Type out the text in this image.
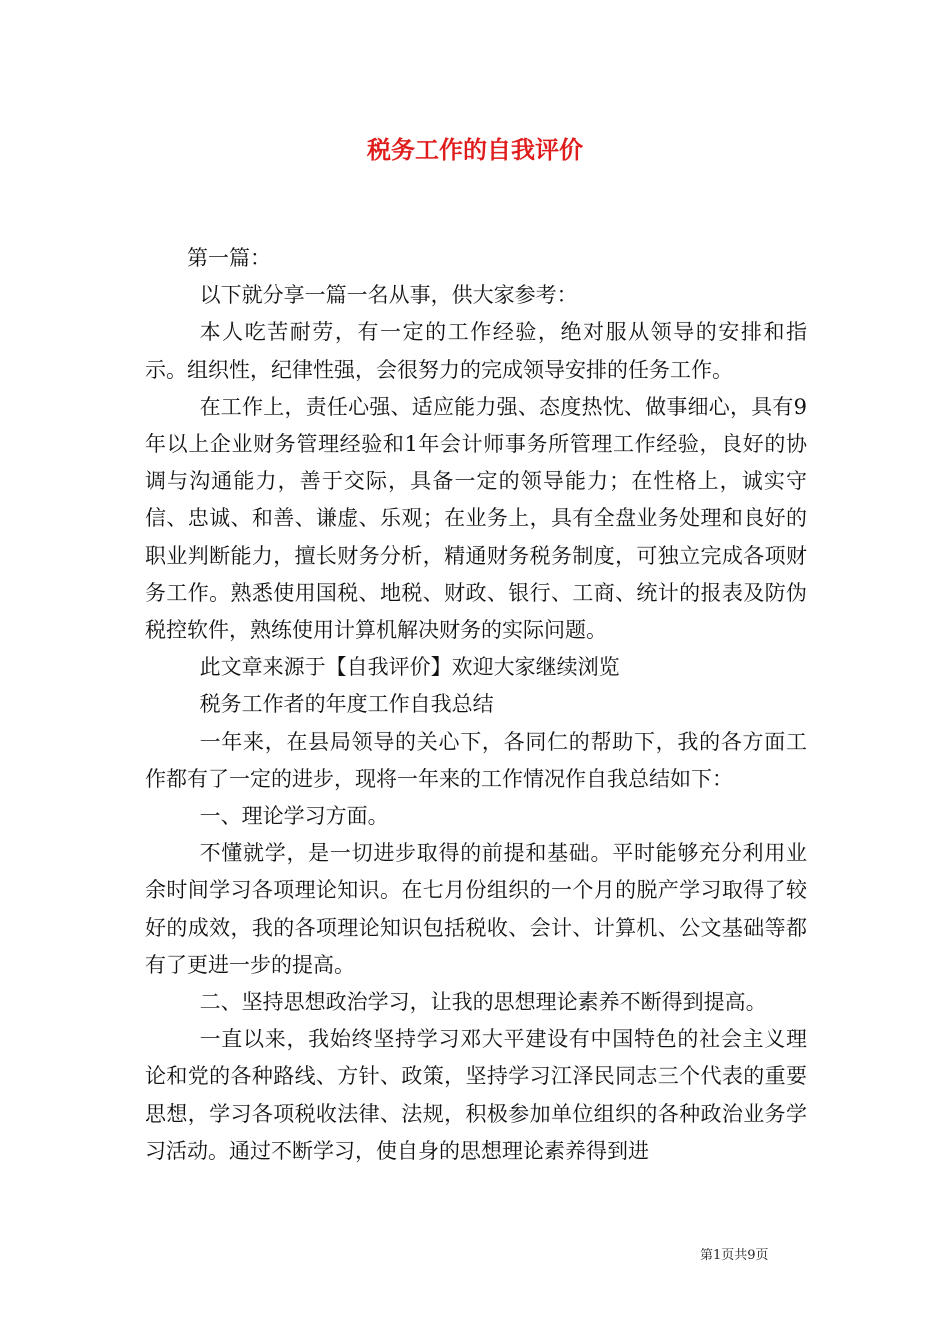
税务工作的自我评价

第一篇：

以下就分享一篇一名从事，供大家参考：

本人吃苦耐劳，有一定的工作经验，绝对服从领导的安排和指示。组织性，纪律性强，会很努力的完成领导安排的任务工作。

在工作上，责任心强、适应能力强、态度热忱、做事细心，具有9年以上企业财务管理经验和1年会计师事务所管理工作经验，良好的协调与沟通能力，善于交际，具备一定的领导能力；在性格上，诚实守信、忠诚、和善、谦虚、乐观；在业务上，具有全盘业务处理和良好的职业判断能力，擅长财务分析，精通财务税务制度，可独立完成各项财务工作。熟悉使用国税、地税、财政、银行、工商、统计的报表及防伪税控软件，熟练使用计算机解决财务的实际问题。

此文章来源于【自我评价】欢迎大家继续浏览

税务工作者的年度工作自我总结

一年来，在县局领导的关心下，各同仁的帮助下，我的各方面工作都有了一定的进步，现将一年来的工作情况作自我总结如下：

一、理论学习方面。

不懂就学，是一切进步取得的前提和基础。平时能够充分利用业余时间学习各项理论知识。在七月份组织的一个月的脱产学习取得了较好的成效，我的各项理论知识包括税收、会计、计算机、公文基础等都有了更进一步的提高。

二、坚持思想政治学习，让我的思想理论素养不断得到提高。

一直以来，我始终坚持学习邓大平建设有中国特色的社会主义理论和党的各种路线、方针、政策，坚持学习江泽民同志三个代表的重要思想，学习各项税收法律、法规，积极参加单位组织的各种政治业务学习活动。通过不断学习，使自身的思想理论素养得到进

第1页共9页
